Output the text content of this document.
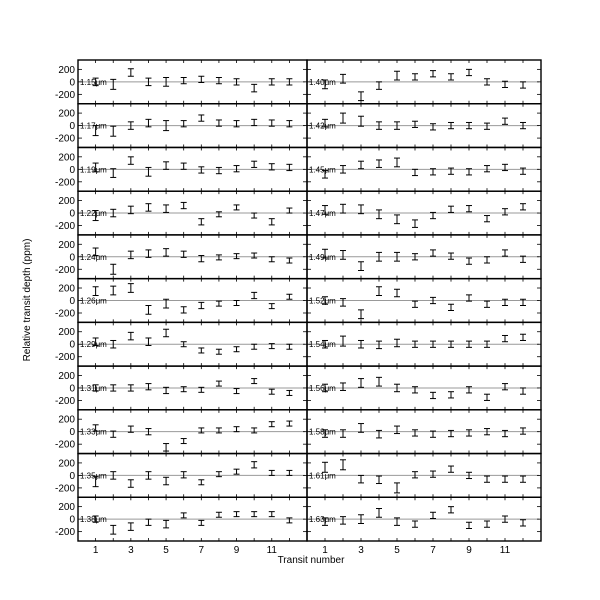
Relative transit depth (ppm)
Transit number
200
0
-200
1.15μm
200
0
-200
1.17μm
200
0
-200
1.19μm
200
0
-200
1.22μm
200
0
-200
1.24μm
200
0
-200
1.26μm
200
0
-200
1.29μm
200
0
-200
1.31μm
200
0
-200
1.33μm
200
0
-200
1.35μm
200
0
-200
1.38μm
1	3	5	7	9	11
1.40μm
1.42μm
1.45μm
1.47μm
1.49μm
1.52μm
1.54μm
1.56μm
1.58μm
1.61μm
1.63μm
1	3	5	7	9	11
